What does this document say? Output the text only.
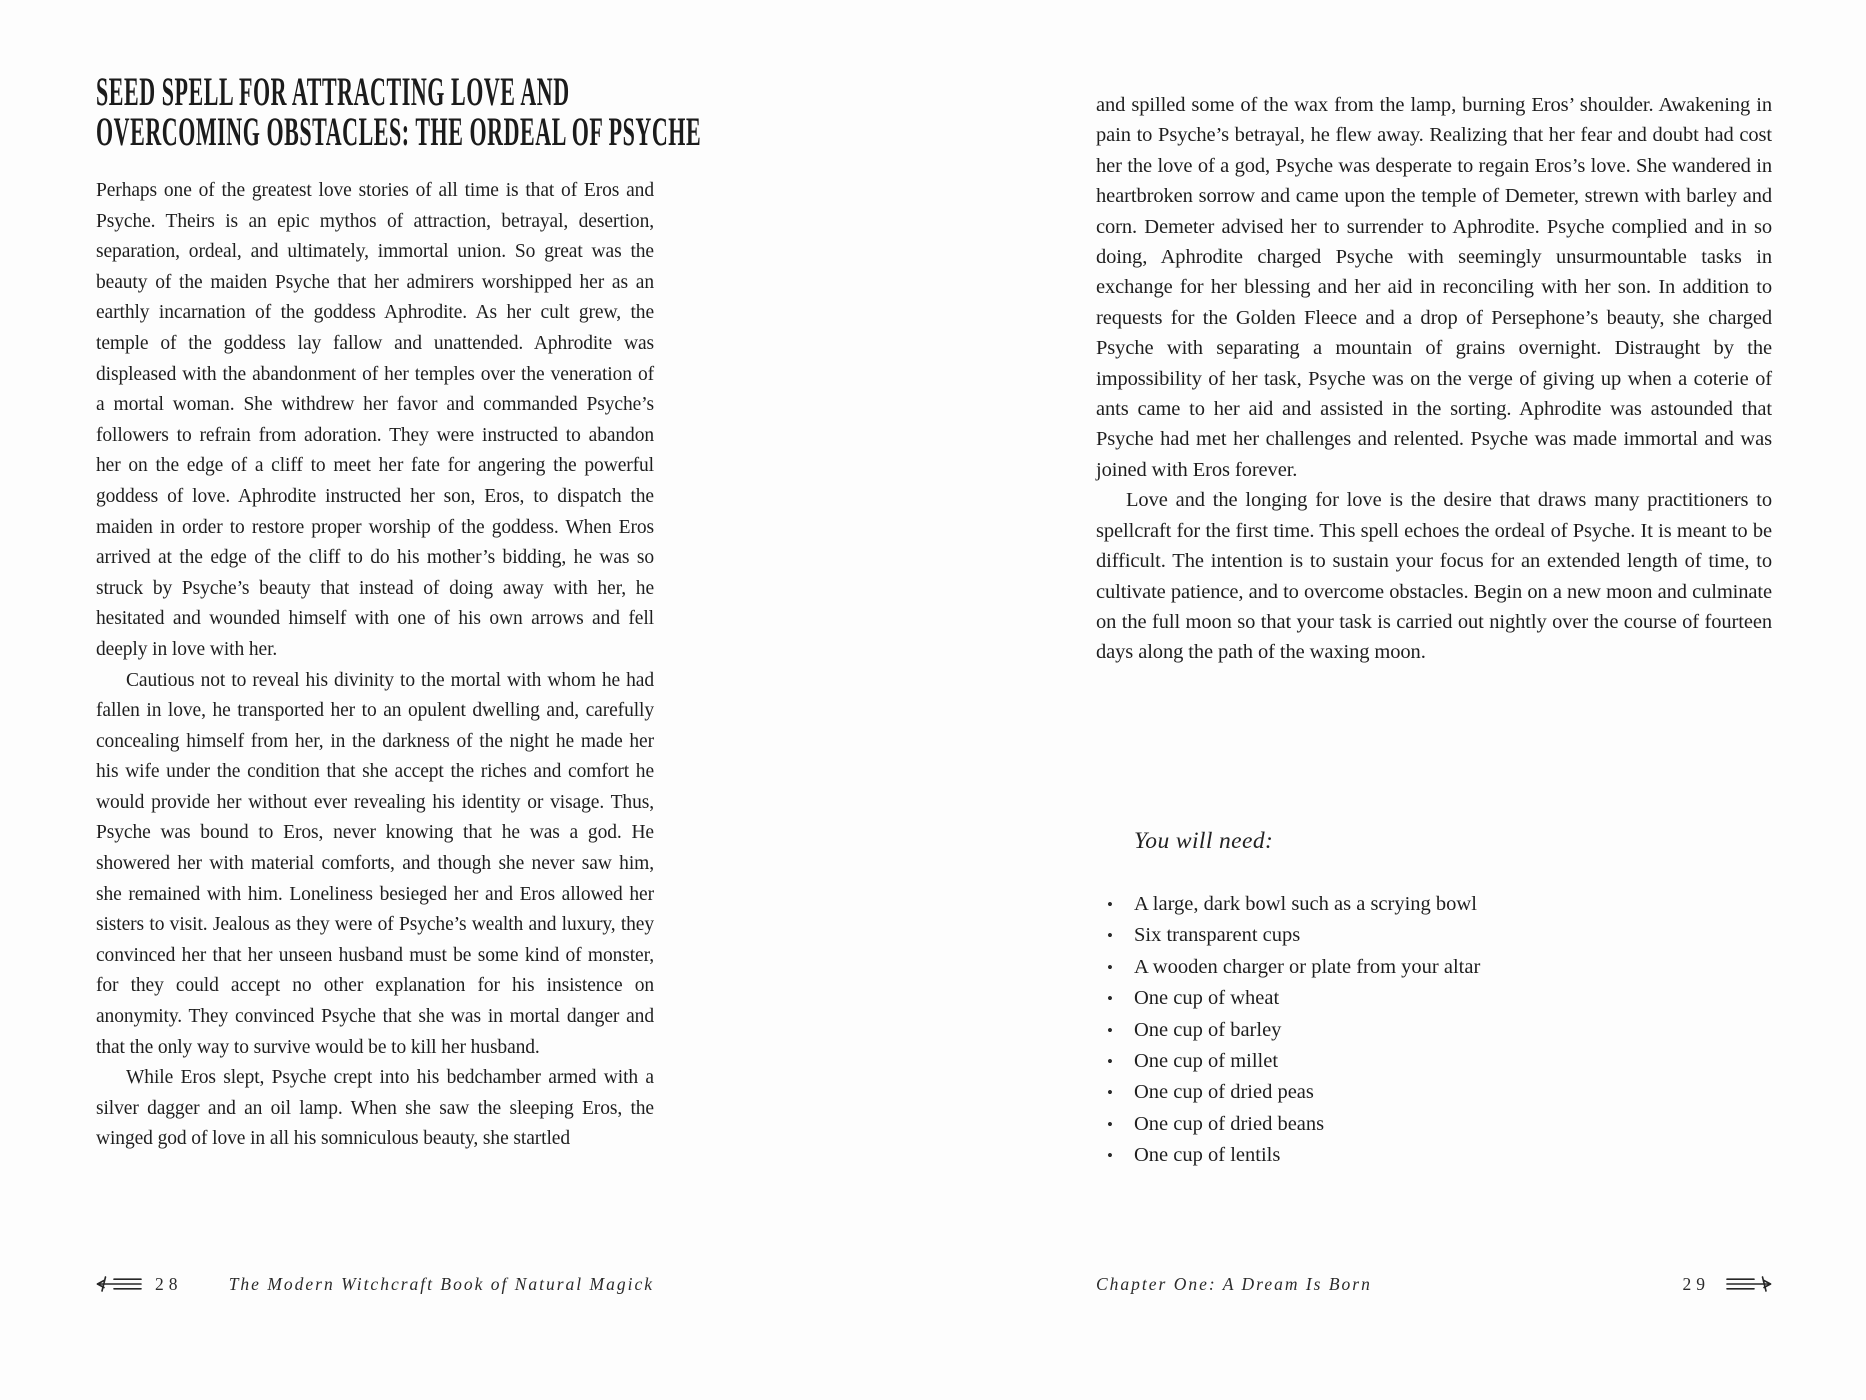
SEED SPELL FOR ATTRACTING LOVE AND
OVERCOMING OBSTACLES: THE ORDEAL OF PSYCHE

Perhaps one of the greatest love stories of all time is that of Eros and Psyche. Theirs is an epic mythos of attraction, betrayal, desertion, separation, ordeal, and ultimately, immortal union. So great was the beauty of the maiden Psyche that her admirers worshipped her as an earthly incarnation of the goddess Aphrodite. As her cult grew, the temple of the goddess lay fallow and unattended. Aphrodite was displeased with the abandonment of her temples over the veneration of a mortal woman. She withdrew her favor and commanded Psyche’s followers to refrain from adoration. They were instructed to abandon her on the edge of a cliff to meet her fate for angering the powerful goddess of love. Aphrodite instructed her son, Eros, to dispatch the maiden in order to restore proper worship of the goddess. When Eros arrived at the edge of the cliff to do his mother’s bidding, he was so struck by Psyche’s beauty that instead of doing away with her, he hesitated and wounded himself with one of his own arrows and fell deeply in love with her.

Cautious not to reveal his divinity to the mortal with whom he had fallen in love, he transported her to an opulent dwelling and, carefully concealing himself from her, in the darkness of the night he made her his wife under the condition that she accept the riches and comfort he would provide her without ever revealing his identity or visage. Thus, Psyche was bound to Eros, never knowing that he was a god. He showered her with material comforts, and though she never saw him, she remained with him. Loneliness besieged her and Eros allowed her sisters to visit. Jealous as they were of Psyche’s wealth and luxury, they convinced her that her unseen husband must be some kind of monster, for they could accept no other explanation for his insistence on anonymity. They convinced Psyche that she was in mortal danger and that the only way to survive would be to kill her husband.

While Eros slept, Psyche crept into his bedchamber armed with a silver dagger and an oil lamp. When she saw the sleeping Eros, the winged god of love in all his somniculous beauty, she startled

and spilled some of the wax from the lamp, burning Eros’ shoulder. Awakening in pain to Psyche’s betrayal, he flew away. Realizing that her fear and doubt had cost her the love of a god, Psyche was desperate to regain Eros’s love. She wandered in heartbroken sorrow and came upon the temple of Demeter, strewn with barley and corn. Demeter advised her to surrender to Aphrodite. Psyche complied and in so doing, Aphrodite charged Psyche with seemingly unsurmountable tasks in exchange for her blessing and her aid in reconciling with her son. In addition to requests for the Golden Fleece and a drop of Persephone’s beauty, she charged Psyche with separating a mountain of grains overnight. Distraught by the impossibility of her task, Psyche was on the verge of giving up when a coterie of ants came to her aid and assisted in the sorting. Aphrodite was astounded that Psyche had met her challenges and relented. Psyche was made immortal and was joined with Eros forever.

Love and the longing for love is the desire that draws many practitioners to spellcraft for the first time. This spell echoes the ordeal of Psyche. It is meant to be difficult. The intention is to sustain your focus for an extended length of time, to cultivate patience, and to overcome obstacles. Begin on a new moon and culminate on the full moon so that your task is carried out nightly over the course of fourteen days along the path of the waxing moon.

You will need:
• A large, dark bowl such as a scrying bowl
• Six transparent cups
• A wooden charger or plate from your altar
• One cup of wheat
• One cup of barley
• One cup of millet
• One cup of dried peas
• One cup of dried beans
• One cup of lentils
28	The Modern Witchcraft Book of Natural Magick	Chapter One: A Dream Is Born	29
